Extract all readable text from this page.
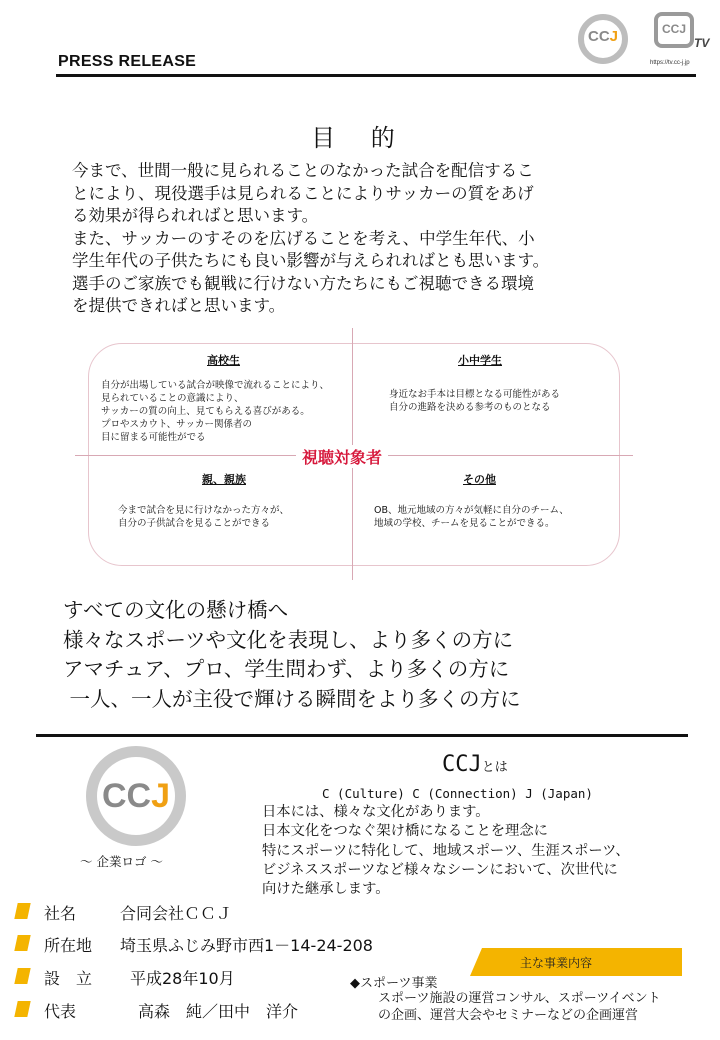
PRESS RELEASE
CCJ	CCJ
TV
https://tv.cc-j.jp
目 的
今まで、世間一般に見られることのなかった試合を配信するこ
とにより、現役選手は見られることによりサッカーの質をあげ
る効果が得られればと思います。
また、サッカーのすそのを広げることを考え、中学生年代、小
学生年代の子供たちにも良い影響が与えられればとも思います。
選手のご家族でも観戦に行けない方たちにもご視聴できる環境
を提供できればと思います。
高校生
自分が出場している試合が映像で流れることにより、
見られていることの意識により、
サッカーの質の向上、見てもらえる喜びがある。
プロやスカウト、サッカー関係者の
目に留まる可能性がでる
小中学生
身近なお手本は目標となる可能性がある
自分の進路を決める参考のものとなる
視聴対象者
親、親族
今まで試合を見に行けなかった方々が、
自分の子供試合を見ることができる
その他
OB、地元地域の方々が気軽に自分のチーム、
地域の学校、チームを見ることができる。
すべての文化の懸け橋へ
様々なスポーツや文化を表現し、より多くの方に
アマチュア、プロ、学生問わず、より多くの方に
一人、一人が主役で輝ける瞬間をより多くの方に
CCJ
～ 企業ロゴ ～
CCJとは
C (Culture) C (Connection) J (Japan)
日本には、様々な文化があります。
日本文化をつなぐ架け橋になることを理念に
特にスポーツに特化して、地域スポーツ、生涯スポーツ、
ビジネススポーツなど様々なシーンにおいて、次世代に
向けた継承します。
社名	合同会社ＣＣＪ
所在地 埼玉県ふじみ野市西1－14-24-208
設　立 平成28年10月
代表	高森　純／田中　洋介
主な事業内容
◆スポーツ事業
スポーツ施設の運営コンサル、スポーツイベント
の企画、運営大会やセミナーなどの企画運営
